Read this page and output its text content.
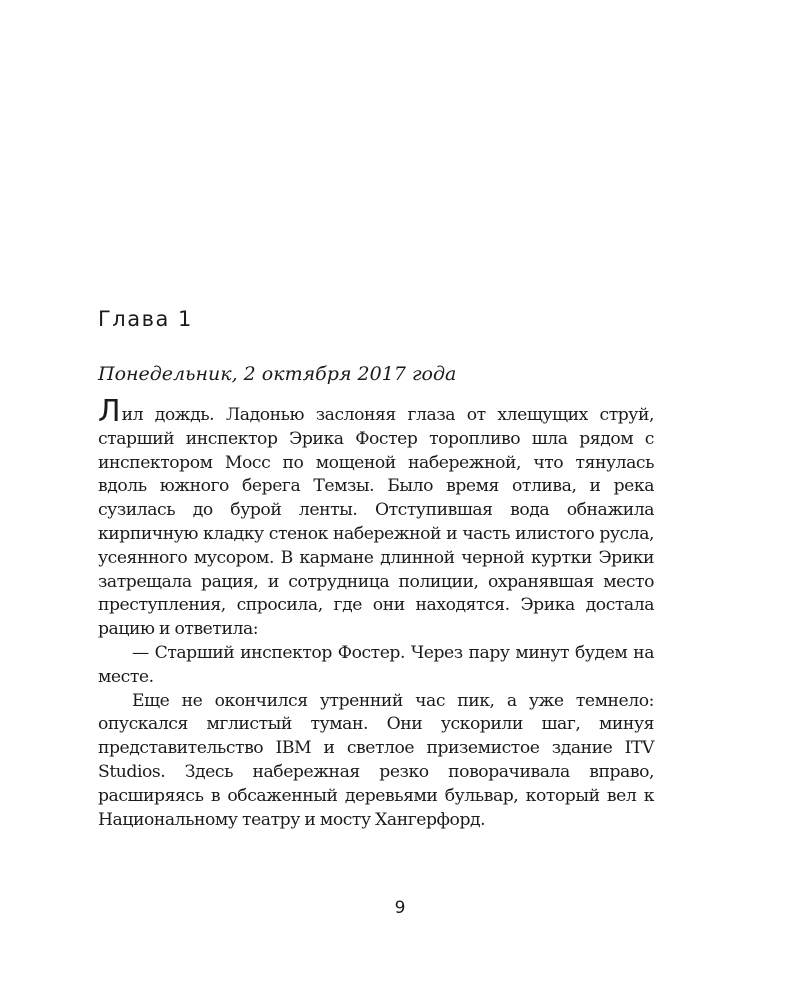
Глава 1
Понедельник, 2 октября 2017 года

Лил дождь. Ладонью заслоняя глаза от хлещущих струй, старший инспектор Эрика Фостер торопливо шла рядом с инспектором Мосс по мощеной набережной, что тянулась вдоль южного берега Темзы. Было время отлива, и река сузилась до бурой ленты. Отступившая вода обнажила кирпичную кладку стенок набережной и часть илистого русла, усеянного мусором. В кармане длинной черной куртки Эрики затрещала рация, и сотрудница полиции, охранявшая место преступления, спросила, где они находятся. Эрика достала рацию и ответила:

— Старший инспектор Фостер. Через пару минут будем на месте.

Еще не окончился утренний час пик, а уже темнело: опускался мглистый туман. Они ускорили шаг, минуя представительство IBM и светлое приземистое здание ITV Studios. Здесь набережная резко поворачивала вправо, расширяясь в обсаженный деревьями бульвар, который вел к Национальному театру и мосту Хангерфорд.

9
